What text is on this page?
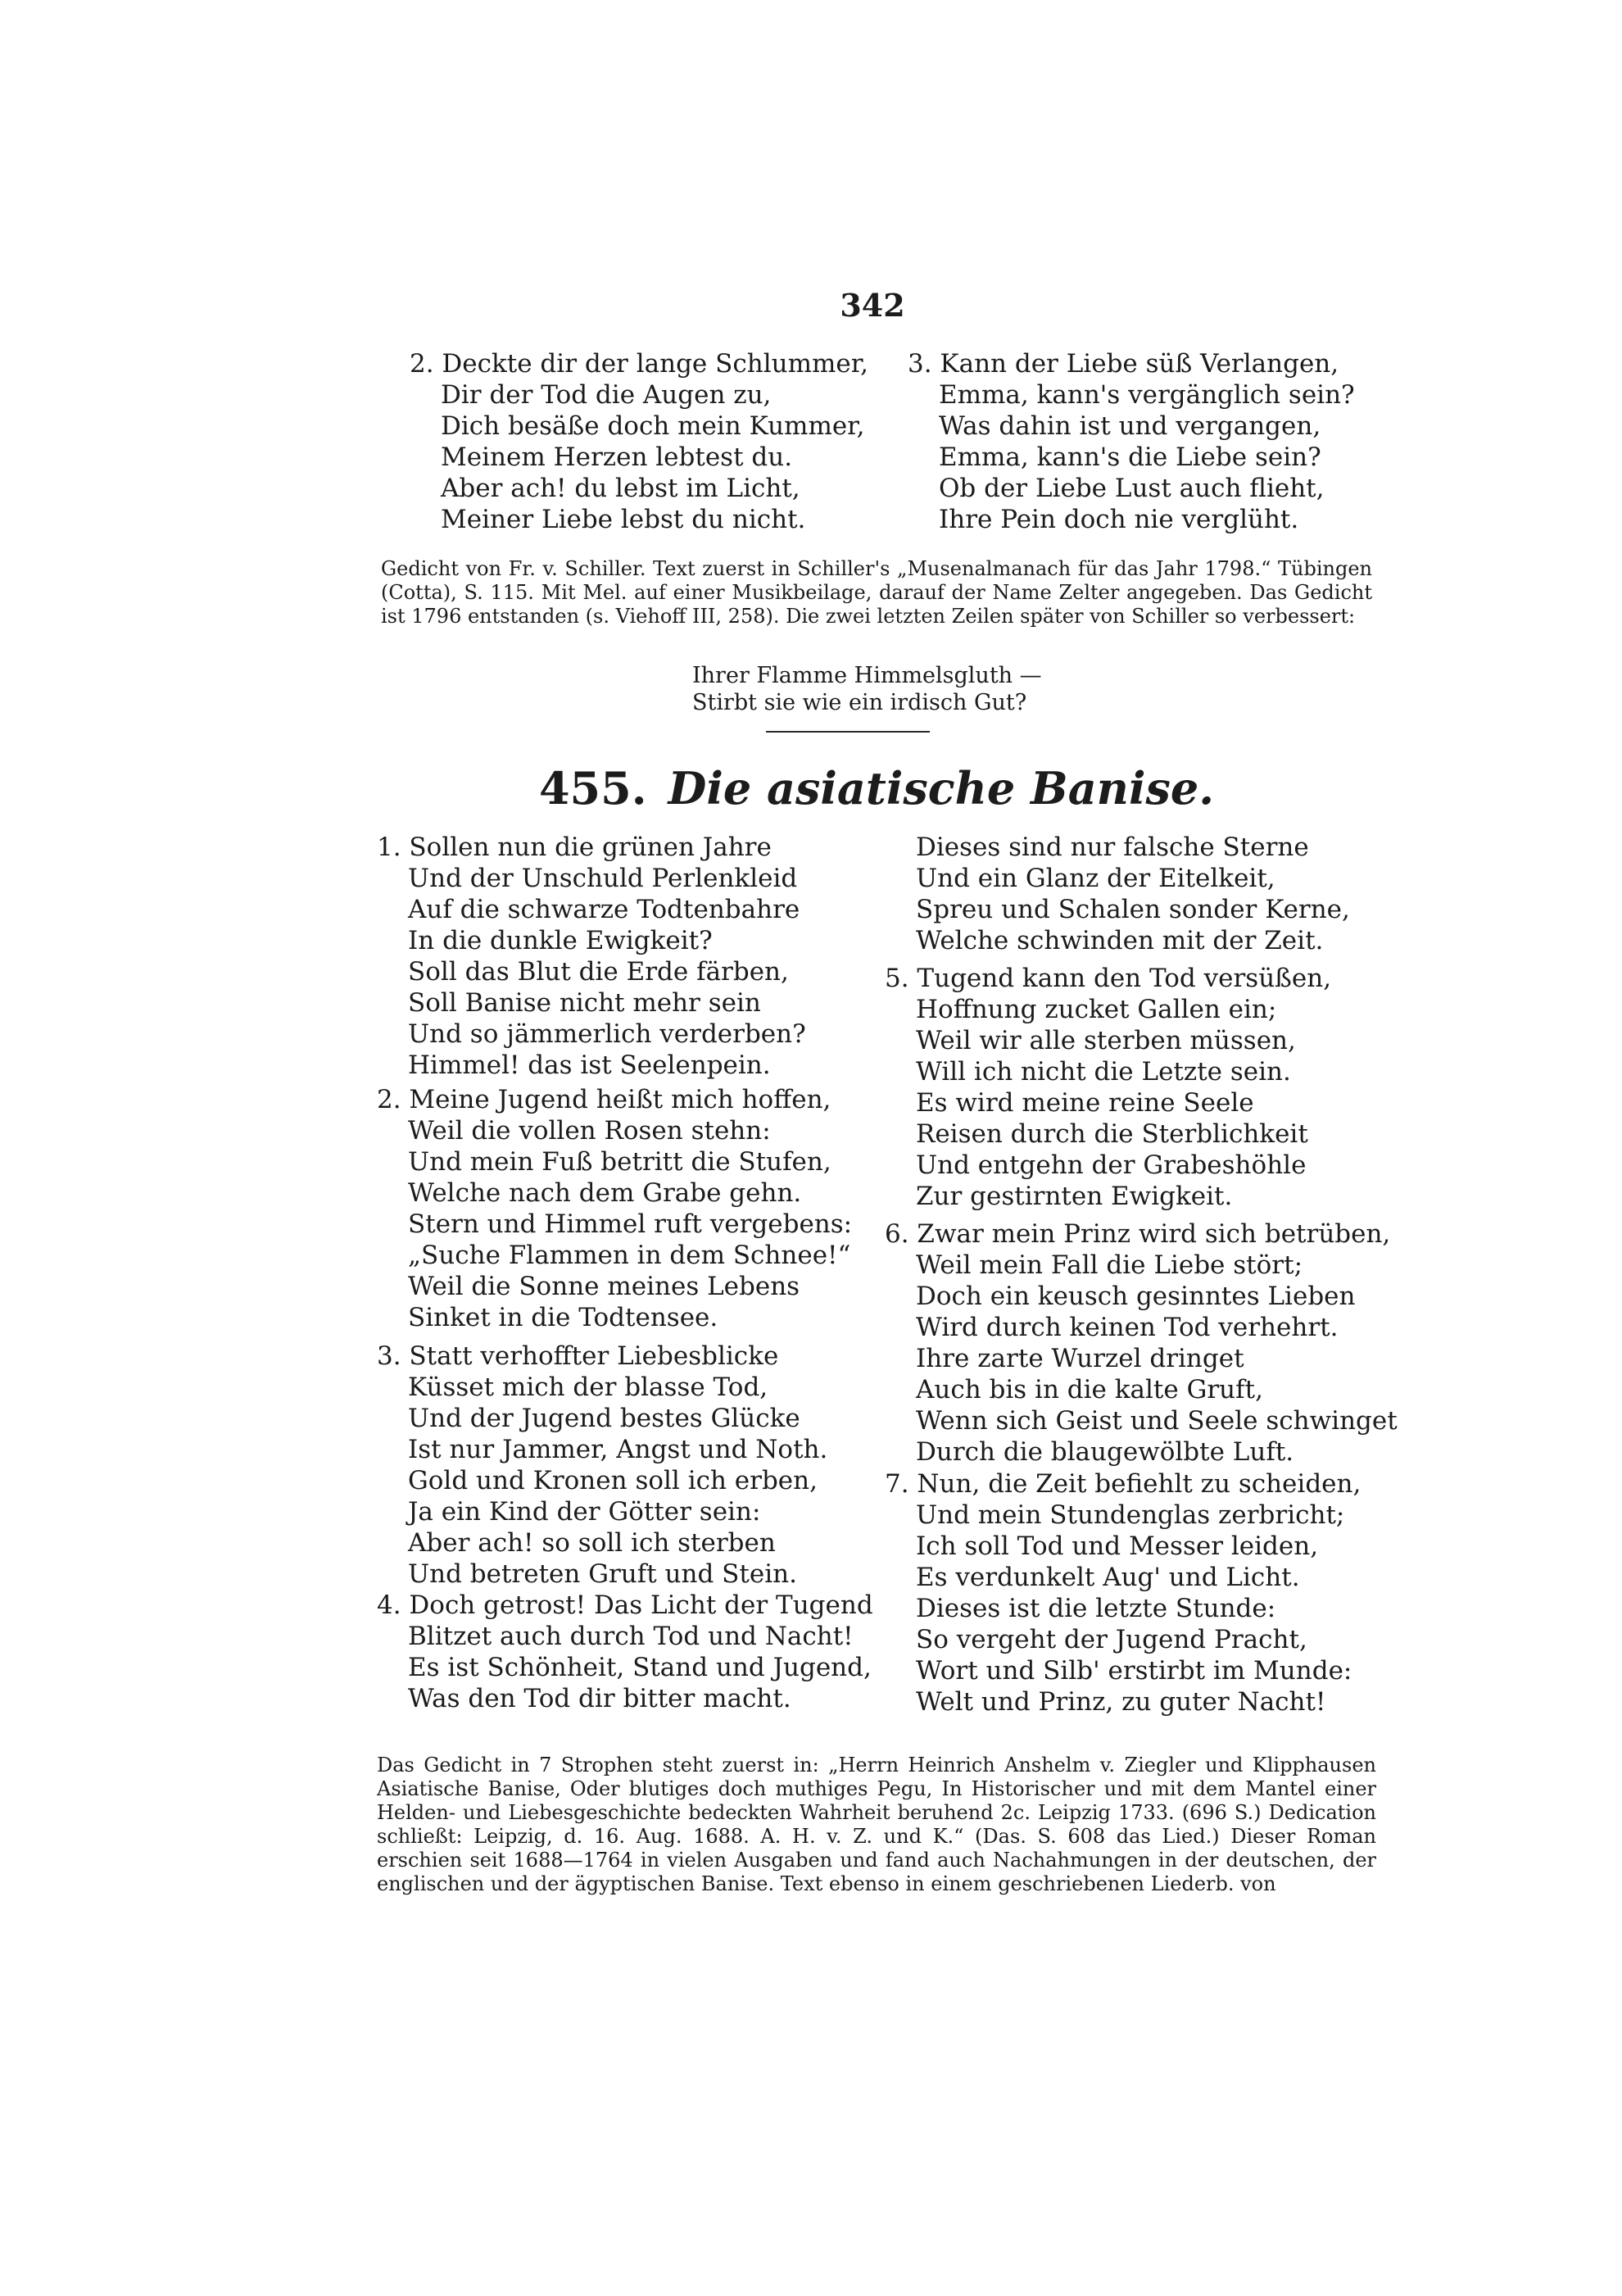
342
2. Deckte dir der lange Schlummer,
Dir der Tod die Augen zu,
Dich besäße doch mein Kummer,
Meinem Herzen lebtest du.
Aber ach! du lebst im Licht,
Meiner Liebe lebst du nicht.
3. Kann der Liebe süß Verlangen,
Emma, kann's vergänglich sein?
Was dahin ist und vergangen,
Emma, kann's die Liebe sein?
Ob der Liebe Lust auch flieht,
Ihre Pein doch nie verglüht.
Gedicht von Fr. v. Schiller. Text zuerst in Schiller's „Musenalmanach für das Jahr 1798.“ Tübingen (Cotta), S. 115. Mit Mel. auf einer Musikbeilage, darauf der Name Zelter angegeben. Das Gedicht ist 1796 entstanden (s. Viehoff III, 258). Die zwei letzten Zeilen später von Schiller so verbessert:
Ihrer Flamme Himmelsgluth —
Stirbt sie wie ein irdisch Gut?
455. Die asiatische Banise.
1. Sollen nun die grünen Jahre
Und der Unschuld Perlenkleid
Auf die schwarze Todtenbahre
In die dunkle Ewigkeit?
Soll das Blut die Erde färben,
Soll Banise nicht mehr sein
Und so jämmerlich verderben?
Himmel! das ist Seelenpein.
2. Meine Jugend heißt mich hoffen,
Weil die vollen Rosen stehn:
Und mein Fuß betritt die Stufen,
Welche nach dem Grabe gehn.
Stern und Himmel ruft vergebens:
„Suche Flammen in dem Schnee!“
Weil die Sonne meines Lebens
Sinket in die Todtensee.
3. Statt verhoffter Liebesblicke
Küsset mich der blasse Tod,
Und der Jugend bestes Glücke
Ist nur Jammer, Angst und Noth.
Gold und Kronen soll ich erben,
Ja ein Kind der Götter sein:
Aber ach! so soll ich sterben
Und betreten Gruft und Stein.
4. Doch getrost! Das Licht der Tugend
Blitzet auch durch Tod und Nacht!
Es ist Schönheit, Stand und Jugend,
Was den Tod dir bitter macht.
Dieses sind nur falsche Sterne
Und ein Glanz der Eitelkeit,
Spreu und Schalen sonder Kerne,
Welche schwinden mit der Zeit.
5. Tugend kann den Tod versüßen,
Hoffnung zucket Gallen ein;
Weil wir alle sterben müssen,
Will ich nicht die Letzte sein.
Es wird meine reine Seele
Reisen durch die Sterblichkeit
Und entgehn der Grabeshöhle
Zur gestirnten Ewigkeit.
6. Zwar mein Prinz wird sich betrüben,
Weil mein Fall die Liebe stört;
Doch ein keusch gesinntes Lieben
Wird durch keinen Tod verhehrt.
Ihre zarte Wurzel dringet
Auch bis in die kalte Gruft,
Wenn sich Geist und Seele schwinget
Durch die blaugewölbte Luft.
7. Nun, die Zeit befiehlt zu scheiden,
Und mein Stundenglas zerbricht;
Ich soll Tod und Messer leiden,
Es verdunkelt Aug' und Licht.
Dieses ist die letzte Stunde:
So vergeht der Jugend Pracht,
Wort und Silb' erstirbt im Munde:
Welt und Prinz, zu guter Nacht!
Das Gedicht in 7 Strophen steht zuerst in: „Herrn Heinrich Anshelm v. Ziegler und Klipphausen Asiatische Banise, Oder blutiges doch muthiges Pegu, In Historischer und mit dem Mantel einer Helden- und Liebesgeschichte bedeckten Wahrheit beruhend 2c. Leipzig 1733. (696 S.) Dedication schließt: Leipzig, d. 16. Aug. 1688. A. H. v. Z. und K.“ (Das. S. 608 das Lied.) Dieser Roman erschien seit 1688—1764 in vielen Ausgaben und fand auch Nachahmungen in der deutschen, der englischen und der ägyptischen Banise. Text ebenso in einem geschriebenen Liederb. von
